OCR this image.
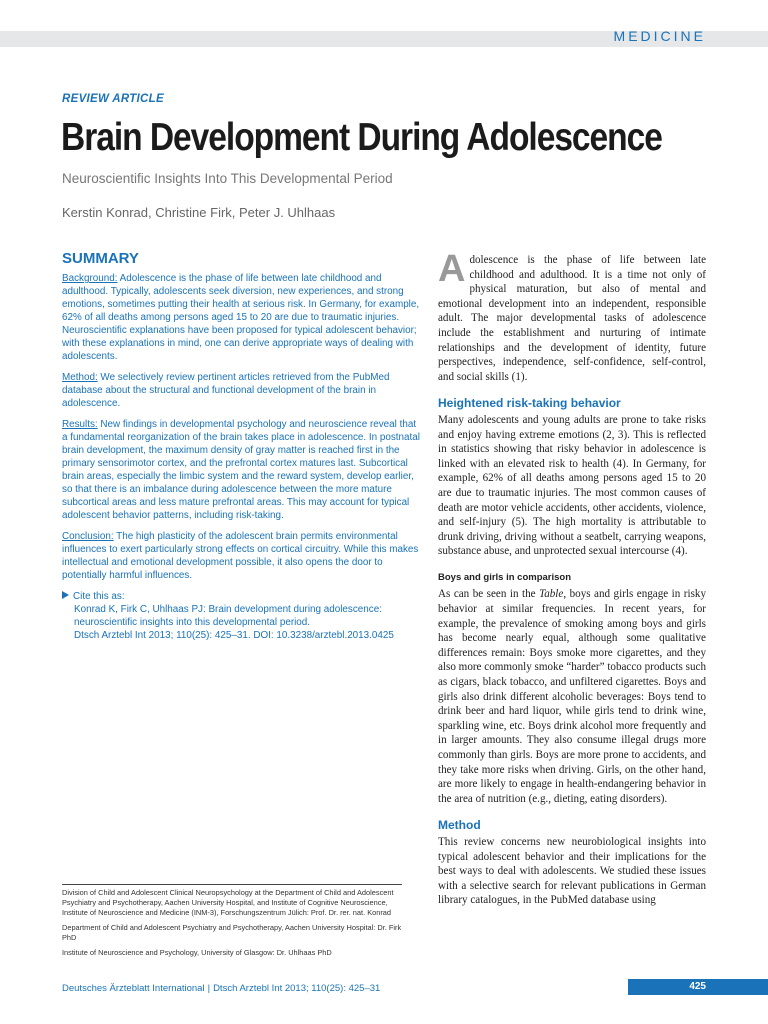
MEDICINE
REVIEW ARTICLE
Brain Development During Adolescence
Neuroscientific Insights Into This Developmental Period
Kerstin Konrad, Christine Firk, Peter J. Uhlhaas
SUMMARY

Background: Adolescence is the phase of life between late childhood and adulthood. Typically, adolescents seek diversion, new experiences, and strong emotions, sometimes putting their health at serious risk. In Germany, for example, 62% of all deaths among persons aged 15 to 20 are due to traumatic injuries. Neuroscientific explanations have been proposed for typical adolescent behavior; with these explanations in mind, one can derive appropriate ways of dealing with adolescents.

Method: We selectively review pertinent articles retrieved from the PubMed database about the structural and functional development of the brain in adolescence.

Results: New findings in developmental psychology and neuroscience reveal that a fundamental reorganization of the brain takes place in adolescence. In postnatal brain development, the maximum density of gray matter is reached first in the primary sensorimotor cortex, and the prefrontal cortex matures last. Subcortical brain areas, especially the limbic system and the reward system, develop earlier, so that there is an imbalance during adolescence between the more mature subcortical areas and less mature prefrontal areas. This may account for typical adolescent behavior patterns, including risk-taking.

Conclusion: The high plasticity of the adolescent brain permits environmental influences to exert particularly strong effects on cortical circuitry. While this makes intellectual and emotional development possible, it also opens the door to potentially harmful influences.

Cite this as:
Konrad K, Firk C, Uhlhaas PJ: Brain development during adolescence:
neuroscientific insights into this developmental period.
Dtsch Arztebl Int 2013; 110(25): 425–31. DOI: 10.3238/arztebl.2013.0425

Division of Child and Adolescent Clinical Neuropsychology at the Department of Child and Adolescent Psychiatry and Psychotherapy, Aachen University Hospital, and Institute of Cognitive Neuroscience, Institute of Neuroscience and Medicine (INM-3), Forschungszentrum Jülich: Prof. Dr. rer. nat. Konrad

Department of Child and Adolescent Psychiatry and Psychotherapy, Aachen University Hospital: Dr. Firk PhD

Institute of Neuroscience and Psychology, University of Glasgow: Dr. Uhlhaas PhD

Adolescence is the phase of life between late childhood and adulthood. It is a time not only of physical maturation, but also of mental and emotional development into an independent, responsible adult. The major developmental tasks of adolescence include the establishment and nurturing of intimate relationships and the development of identity, future perspectives, independence, self-confidence, self-control, and social skills (1).

Heightened risk-taking behavior

Many adolescents and young adults are prone to take risks and enjoy having extreme emotions (2, 3). This is reflected in statistics showing that risky behavior in adolescence is linked with an elevated risk to health (4). In Germany, for example, 62% of all deaths among persons aged 15 to 20 are due to traumatic injuries. The most common causes of death are motor vehicle accidents, other accidents, violence, and self-injury (5). The high mortality is attributable to drunk driving, driving without a seatbelt, carrying weapons, substance abuse, and unprotected sexual intercourse (4).

Boys and girls in comparison

As can be seen in the Table, boys and girls engage in risky behavior at similar frequencies. In recent years, for example, the prevalence of smoking among boys and girls has become nearly equal, although some qualitative differences remain: Boys smoke more cigarettes, and they also more commonly smoke “harder” tobacco products such as cigars, black tobacco, and unfiltered cigarettes. Boys and girls also drink different alcoholic beverages: Boys tend to drink beer and hard liquor, while girls tend to drink wine, sparkling wine, etc. Boys drink alcohol more frequently and in larger amounts. They also consume illegal drugs more commonly than girls. Boys are more prone to accidents, and they take more risks when driving. Girls, on the other hand, are more likely to engage in health-endangering behavior in the area of nutrition (e.g., dieting, eating disorders).

Method

This review concerns new neurobiological insights into typical adolescent behavior and their implications for the best ways to deal with adolescents. We studied these issues with a selective search for relevant publications in German library catalogues, in the PubMed database using

Deutsches Ärzteblatt International | Dtsch Arztebl Int 2013; 110(25): 425–31	425
